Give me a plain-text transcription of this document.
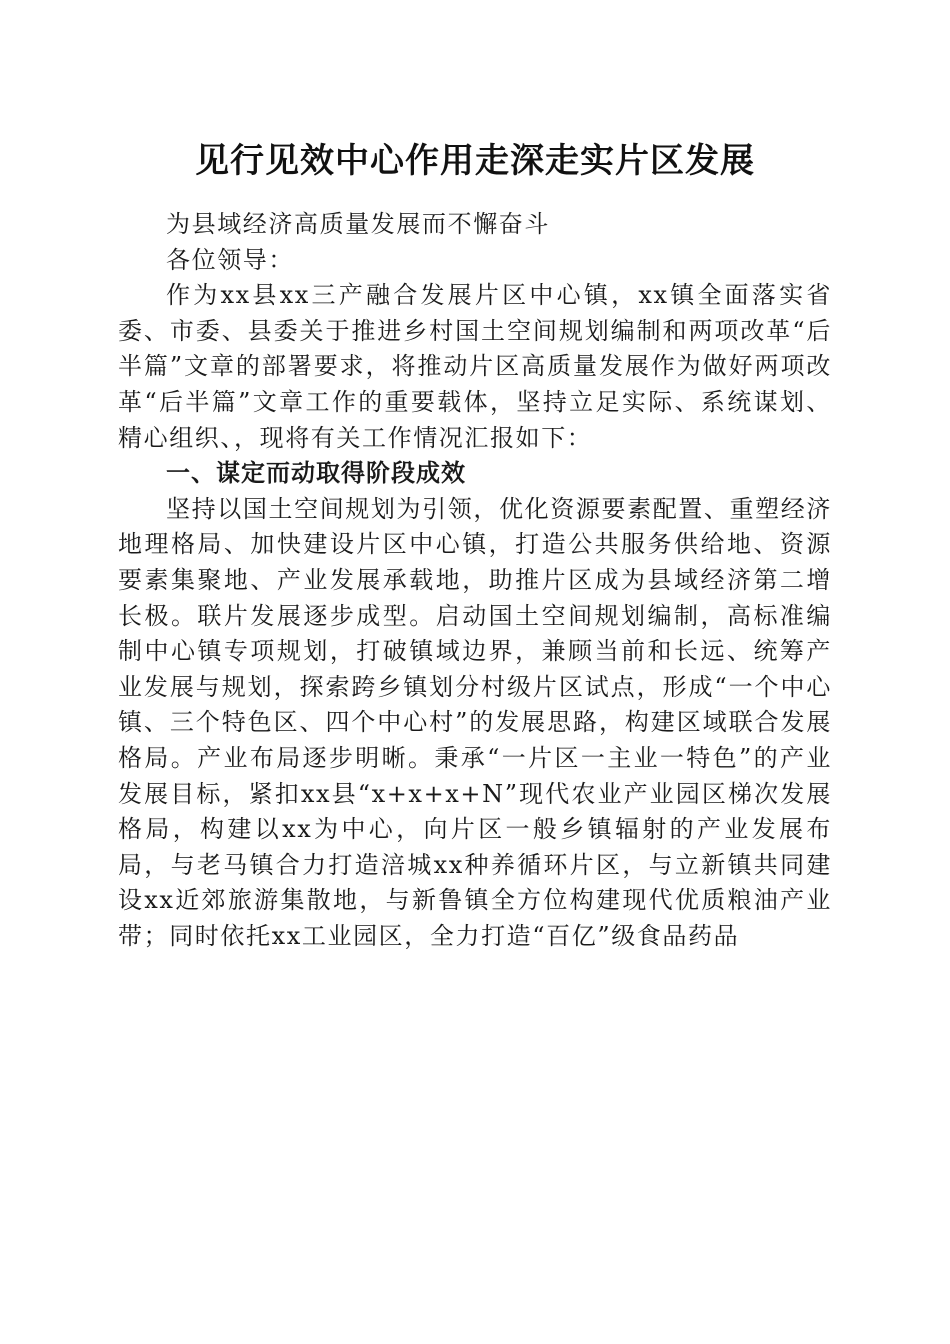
见行见效中心作用走深走实片区发展

为县域经济高质量发展而不懈奋斗

各位领导：

作为xx县xx三产融合发展片区中心镇，xx镇全面落实省委、市委、县委关于推进乡村国土空间规划编制和两项改革“后半篇”文章的部署要求，将推动片区高质量发展作为做好两项改革“后半篇”文章工作的重要载体，坚持立足实际、系统谋划、精心组织、，现将有关工作情况汇报如下：

一、谋定而动取得阶段成效

坚持以国土空间规划为引领，优化资源要素配置、重塑经济地理格局、加快建设片区中心镇，打造公共服务供给地、资源要素集聚地、产业发展承载地，助推片区成为县域经济第二增长极。联片发展逐步成型。启动国土空间规划编制，高标准编制中心镇专项规划，打破镇域边界，兼顾当前和长远、统筹产业发展与规划，探索跨乡镇划分村级片区试点，形成“一个中心镇、三个特色区、四个中心村”的发展思路，构建区域联合发展格局。产业布局逐步明晰。秉承“一片区一主业一特色”的产业发展目标，紧扣xx县“x+x+x+N”现代农业产业园区梯次发展格局，构建以xx为中心，向片区一般乡镇辐射的产业发展布局，与老马镇合力打造涪城xx种养循环片区，与立新镇共同建设xx近郊旅游集散地，与新鲁镇全方位构建现代优质粮油产业带；同时依托xx工业园区，全力打造“百亿”级食品药品
